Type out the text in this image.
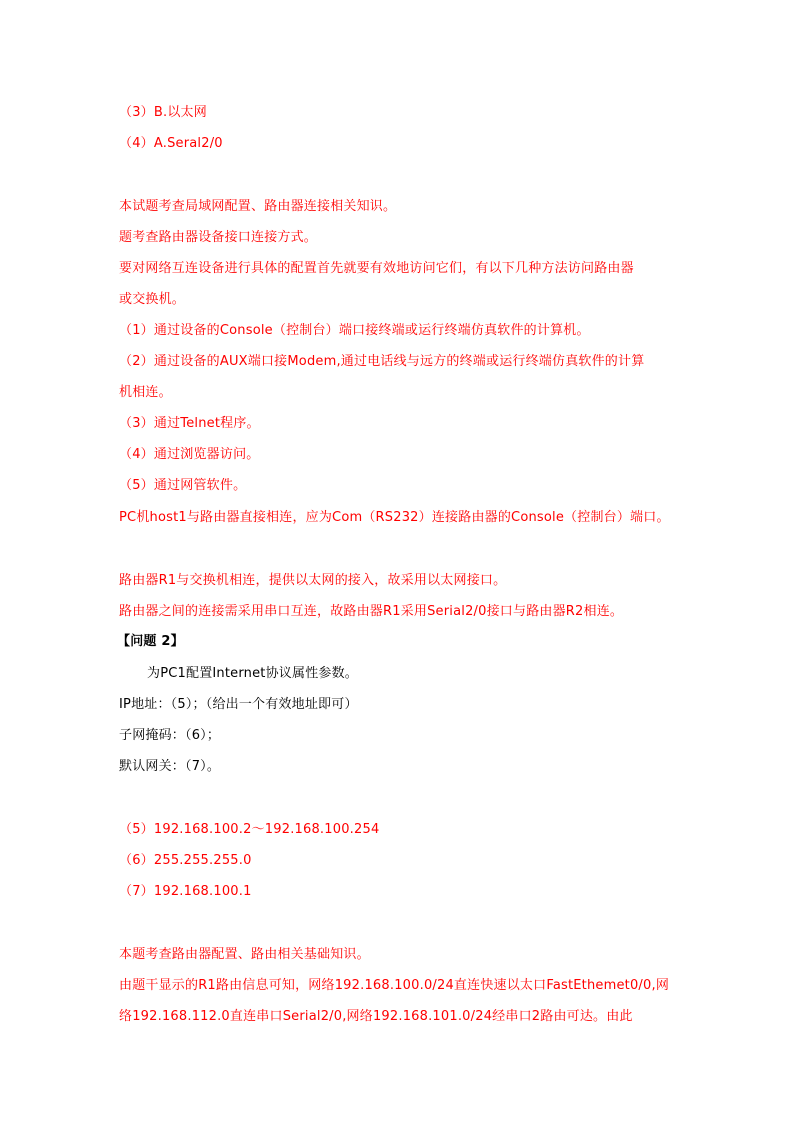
（3）B.以太网
（4）A.Seral2/0
本试题考查局域网配置、路由器连接相关知识。
题考查路由器设备接口连接方式。
要对网络互连设备进行具体的配置首先就要有效地访问它们，有以下几种方法访问路由器
或交换机。
（1）通过设备的Console（控制台）端口接终端或运行终端仿真软件的计算机。
（2）通过设备的AUX端口接Modem,通过电话线与远方的终端或运行终端仿真软件的计算
机相连。
（3）通过Telnet程序。
（4）通过浏览器访问。
（5）通过网管软件。
PC机host1与路由器直接相连，应为Com（RS232）连接路由器的Console（控制台）端口。
路由器R1与交换机相连，提供以太网的接入，故采用以太网接口。
路由器之间的连接需采用串口互连，故路由器R1采用Serial2/0接口与路由器R2相连。
【问题 2】
为PC1配置Internet协议属性参数。
IP地址：（5）；（给出一个有效地址即可）
子网掩码：（6）；
默认网关：（7）。
（5）192.168.100.2～192.168.100.254
（6）255.255.255.0
（7）192.168.100.1
本题考查路由器配置、路由相关基础知识。
由题干显示的R1路由信息可知，网络192.168.100.0/24直连快速以太口FastEthemet0/0,网
络192.168.112.0直连串口Serial2/0,网络192.168.101.0/24经串口2路由可达。由此
